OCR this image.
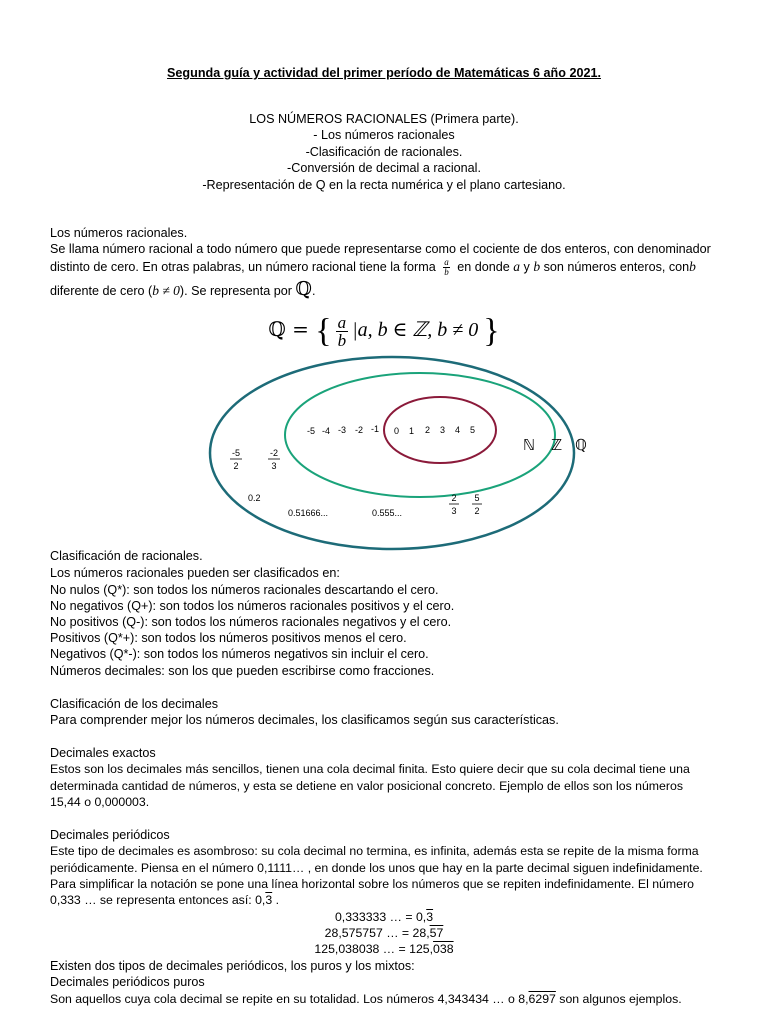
Segunda guía y actividad del primer período de Matemáticas 6 año 2021.
LOS NÚMEROS RACIONALES (Primera parte).
- Los números racionales
-Clasificación de racionales.
-Conversión de decimal a racional.
-Representación de Q en la recta numérica y el plano cartesiano.
Los números racionales.
Se llama número racional a todo número que puede representarse como el cociente de dos enteros, con denominador
distinto de cero. En otras palabras, un número racional tiene la forma $\frac{a}{b}$ en donde a y b son números enteros, conb
diferente de cero (b ≠ 0). Se representa por ℚ.
ℚ = { $\frac{a}{b} |a$, b ∈ ℤ, b ≠ 0 }
-5 -4 -3 -2 -1 0 1 2 3 4 5
ℕ ℤ ℚ
-5
2
-2
3
2
3
5
2
0.2
0.51666...	0.555...
Clasificación de racionales.
Los números racionales pueden ser clasificados en:
No nulos (Q*): son todos los números racionales descartando el cero.
No negativos (Q+): son todos los números racionales positivos y el cero.
No positivos (Q-): son todos los números racionales negativos y el cero.
Positivos (Q*+): son todos los números positivos menos el cero.
Negativos (Q*-): son todos los números negativos sin incluir el cero.
Números decimales: son los que pueden escribirse como fracciones.
Clasificación de los decimales
Para comprender mejor los números decimales, los clasificamos según sus características.
Decimales exactos
Estos son los decimales más sencillos, tienen una cola decimal finita. Esto quiere decir que su cola decimal tiene una
determinada cantidad de números, y esta se detiene en valor posicional concreto. Ejemplo de ellos son los números
15,44 o 0,000003.
Decimales periódicos
Este tipo de decimales es asombroso: su cola decimal no termina, es infinita, además esta se repite de la misma forma
periódicamente. Piensa en el número 0,1111… , en donde los unos que hay en la parte decimal siguen indefinidamente.
Para simplificar la notación se pone una línea horizontal sobre los números que se repiten indefinidamente. El número
0,333 … se representa entonces así: 0,3 .
0,333333 … = 0,3
28,575757 … = 28,57
125,038038 … = 125,038
Existen dos tipos de decimales periódicos, los puros y los mixtos:
Decimales periódicos puros
Son aquellos cuya cola decimal se repite en su totalidad. Los números 4,343434 … o 8,6297 son algunos ejemplos.
